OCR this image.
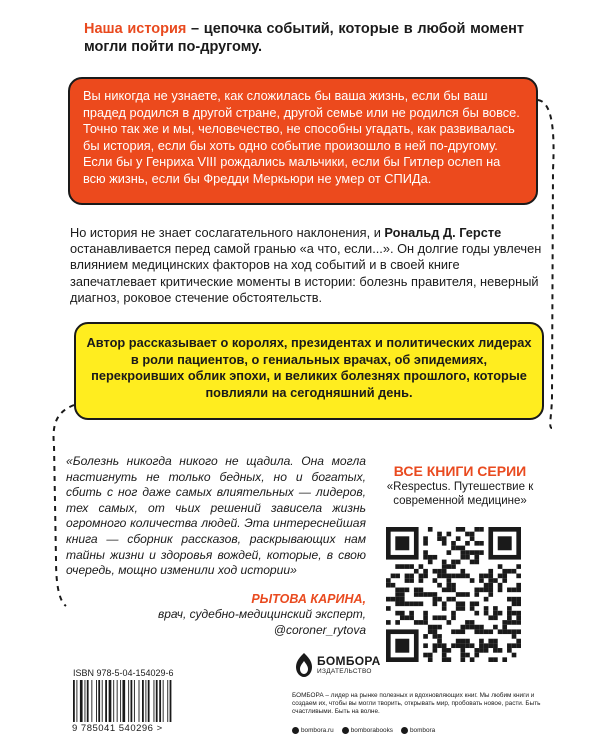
Наша история – цепочка событий, которые в любой момент могли пойти по-другому.

Вы никогда не узнаете, как сложилась бы ваша жизнь, если бы ваш прадед родился в другой стране, другой семье или не родился бы вовсе. Точно так же и мы, человечество, не способны угадать, как развивалась бы история, если бы хоть одно событие произошло в ней по-другому. Если бы у Генриха VIII рождались мальчики, если бы Гитлер ослеп на всю жизнь, если бы Фредди Меркьюри не умер от СПИДа.

Но история не знает сослагательного наклонения, и Рональд Д. Герсте останавливается перед самой гранью «а что, если...». Он долгие годы увлечен влиянием медицинских факторов на ход событий и в своей книге запечатлевает критические моменты в истории: болезнь правителя, неверный диагноз, роковое стечение обстоятельств.

Автор рассказывает о королях, президентах и политических лидерах в роли пациентов, о гениальных врачах, об эпидемиях, перекроивших облик эпохи, и великих болезнях прошлого, которые повлияли на сегодняшний день.

«Болезнь никогда никого не щадила. Она могла настигнуть не только бедных, но и богатых, сбить с ног даже самых влиятельных — лидеров, тех самых, от чьих решений зависела жизнь огромного количества людей. Эта интереснейшая книга — сборник рассказов, раскрывающих нам тайны жизни и здоровья вождей, которые, в свою очередь, мощно изменили ход истории»
РЫТОВА КАРИНА,
врач, судебно-медицинский эксперт,
@coroner_rytova
ВСЕ КНИГИ СЕРИИ
«Respectus. Путешествие к современной медицине»
ISBN 978-5-04-154029-6
9 785041 540296 >
БОМБОРА
ИЗДАТЕЛЬСТВО
БОМБОРА – лидер на рынке полезных и вдохновляющих книг. Мы любим книги и создаем их, чтобы вы могли творить, открывать мир, пробовать новое, расти. Быть счастливыми. Быть на волне.
bombora.ru	bomborabooks	bombora
